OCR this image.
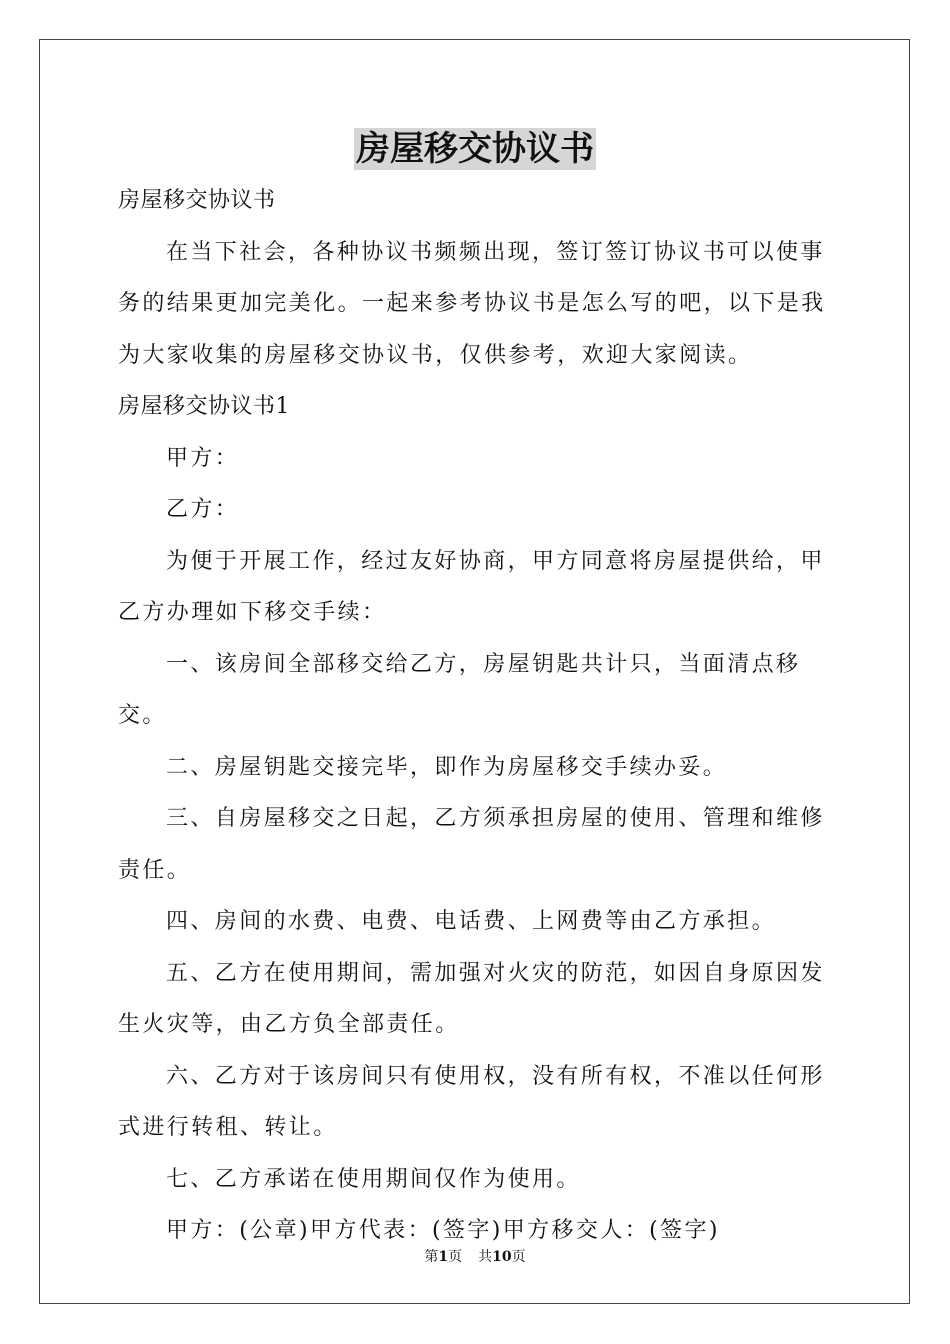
房屋移交协议书

房屋移交协议书

在当下社会，各种协议书频频出现，签订签订协议书可以使事务的结果更加完美化。一起来参考协议书是怎么写的吧，以下是我为大家收集的房屋移交协议书，仅供参考，欢迎大家阅读。

房屋移交协议书1

甲方：

乙方：

为便于开展工作，经过友好协商，甲方同意将房屋提供给，甲乙方办理如下移交手续：

一、该房间全部移交给乙方，房屋钥匙共计只，当面清点移交。

二、房屋钥匙交接完毕，即作为房屋移交手续办妥。

三、自房屋移交之日起，乙方须承担房屋的使用、管理和维修责任。

四、房间的水费、电费、电话费、上网费等由乙方承担。

五、乙方在使用期间，需加强对火灾的防范，如因自身原因发生火灾等，由乙方负全部责任。

六、乙方对于该房间只有使用权，没有所有权，不准以任何形式进行转租、转让。

七、乙方承诺在使用期间仅作为使用。

甲方：(公章)甲方代表：(签字)甲方移交人：(签字)

第1页 共10页
